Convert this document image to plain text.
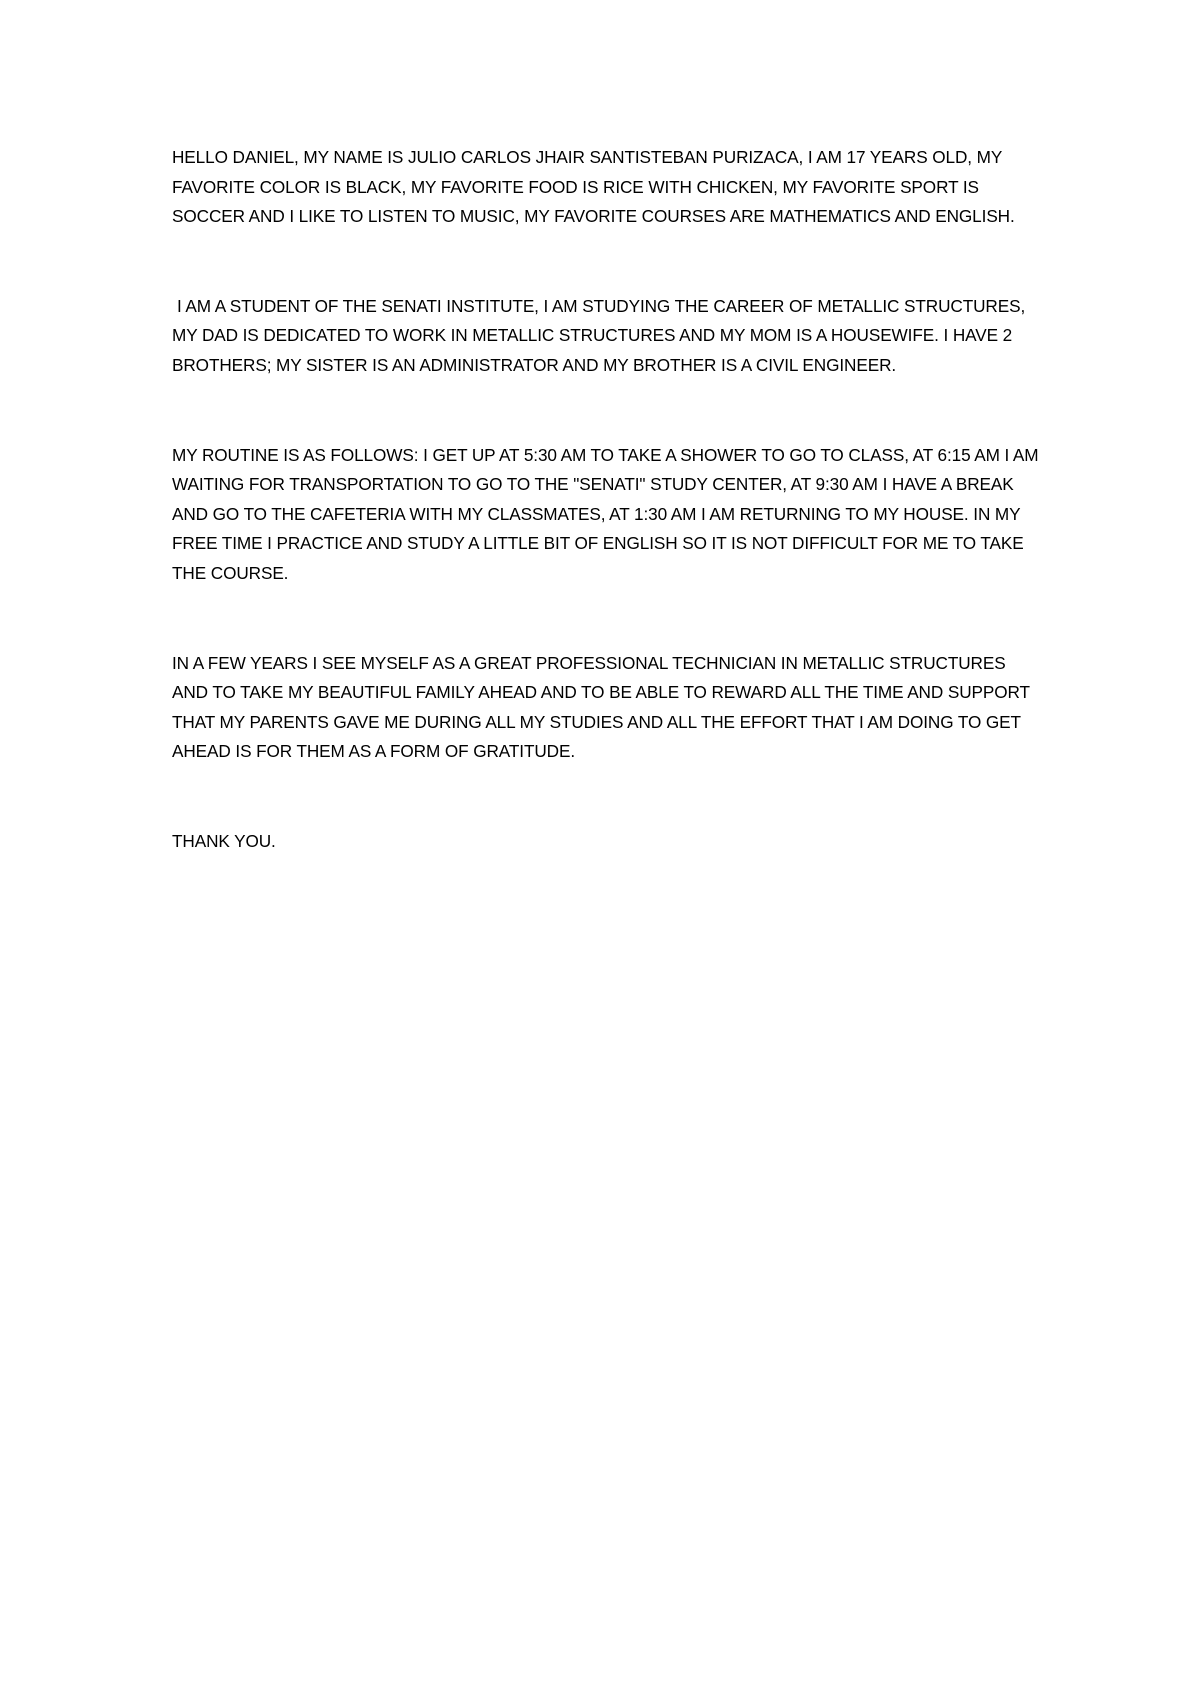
HELLO DANIEL, MY NAME IS JULIO CARLOS JHAIR SANTISTEBAN PURIZACA, I AM 17 YEARS OLD, MY FAVORITE COLOR IS BLACK, MY FAVORITE FOOD IS RICE WITH CHICKEN, MY FAVORITE SPORT IS SOCCER AND I LIKE TO LISTEN TO MUSIC, MY FAVORITE COURSES ARE MATHEMATICS AND ENGLISH.

I AM A STUDENT OF THE SENATI INSTITUTE, I AM STUDYING THE CAREER OF METALLIC STRUCTURES, MY DAD IS DEDICATED TO WORK IN METALLIC STRUCTURES AND MY MOM IS A HOUSEWIFE. I HAVE 2 BROTHERS; MY SISTER IS AN ADMINISTRATOR AND MY BROTHER IS A CIVIL ENGINEER.

MY ROUTINE IS AS FOLLOWS: I GET UP AT 5:30 AM TO TAKE A SHOWER TO GO TO CLASS, AT 6:15 AM I AM WAITING FOR TRANSPORTATION TO GO TO THE "SENATI" STUDY CENTER, AT 9:30 AM I HAVE A BREAK AND GO TO THE CAFETERIA WITH MY CLASSMATES, AT 1:30 AM I AM RETURNING TO MY HOUSE. IN MY FREE TIME I PRACTICE AND STUDY A LITTLE BIT OF ENGLISH SO IT IS NOT DIFFICULT FOR ME TO TAKE THE COURSE.

IN A FEW YEARS I SEE MYSELF AS A GREAT PROFESSIONAL TECHNICIAN IN METALLIC STRUCTURES AND TO TAKE MY BEAUTIFUL FAMILY AHEAD AND TO BE ABLE TO REWARD ALL THE TIME AND SUPPORT THAT MY PARENTS GAVE ME DURING ALL MY STUDIES AND ALL THE EFFORT THAT I AM DOING TO GET AHEAD IS FOR THEM AS A FORM OF GRATITUDE.

THANK YOU.
